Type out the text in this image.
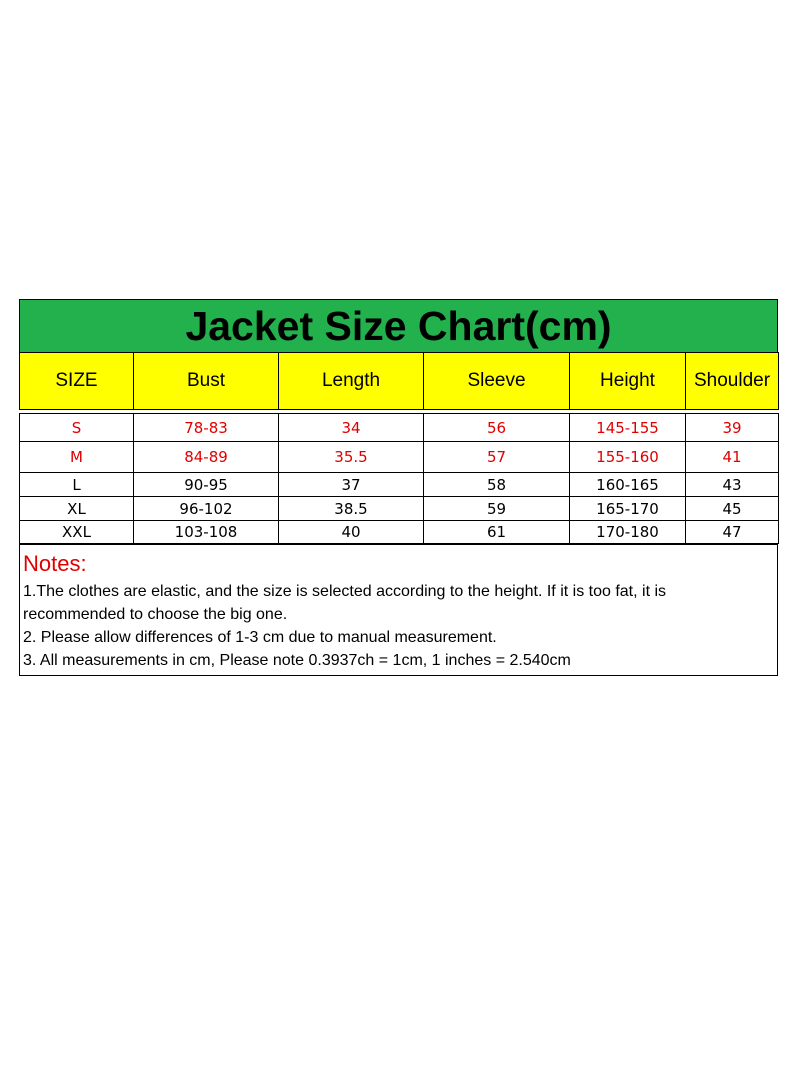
Jacket Size Chart(cm)
SIZE	Bust	Length	Sleeve	Height	Shoulder

S	78-83	34	56	145-155	39
M	84-89	35.5	57	155-160	41
L	90-95	37	58	160-165	43
XL	96-102	38.5	59	165-170	45
XXL	103-108	40	61	170-180	47
Notes:
1.The clothes are elastic, and the size is selected according to the height. If it is too fat, it is
recommended to choose the big one.
2. Please allow differences of 1-3 cm due to manual measurement.
3. All measurements in cm, Please note 0.3937ch = 1cm, 1 inches = 2.540cm
